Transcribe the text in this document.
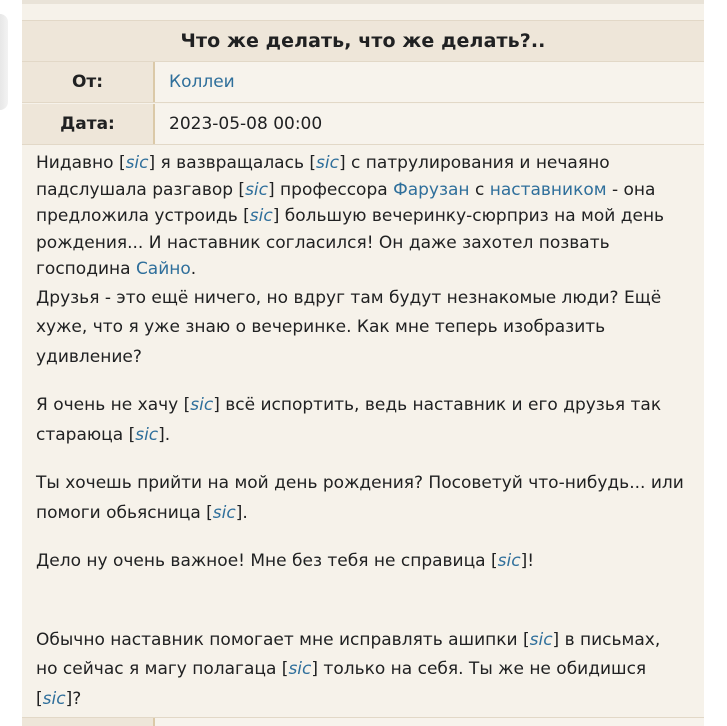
Что же делать, что же делать?..
От:	Коллеи
Дата:	2023-05-08 00:00

Нидавно [sic] я вазвращалась [sic] с патрулирования и нечаяно падслушала разгавор [sic] профессора Фарузан с наставником - она предложила устроидь [sic] большую вечеринку-сюрприз на мой день рождения... И наставник согласился! Он даже захотел позвать господина Сайно.

Друзья - это ещё ничего, но вдруг там будут незнакомые люди? Ещё хуже, что я уже знаю о вечеринке. Как мне теперь изобразить удивление?

Я очень не хачу [sic] всё испортить, ведь наставник и его друзья так стараюца [sic].

Ты хочешь прийти на мой день рождения? Посоветуй что-нибудь... или помоги обьясница [sic].

Дело ну очень важное! Мне без тебя не справица [sic]!

Обычно наставник помогает мне исправлять ашипки [sic] в письмах, но сейчас я магу полагаца [sic] только на себя. Ты же не обидишся [sic]?
